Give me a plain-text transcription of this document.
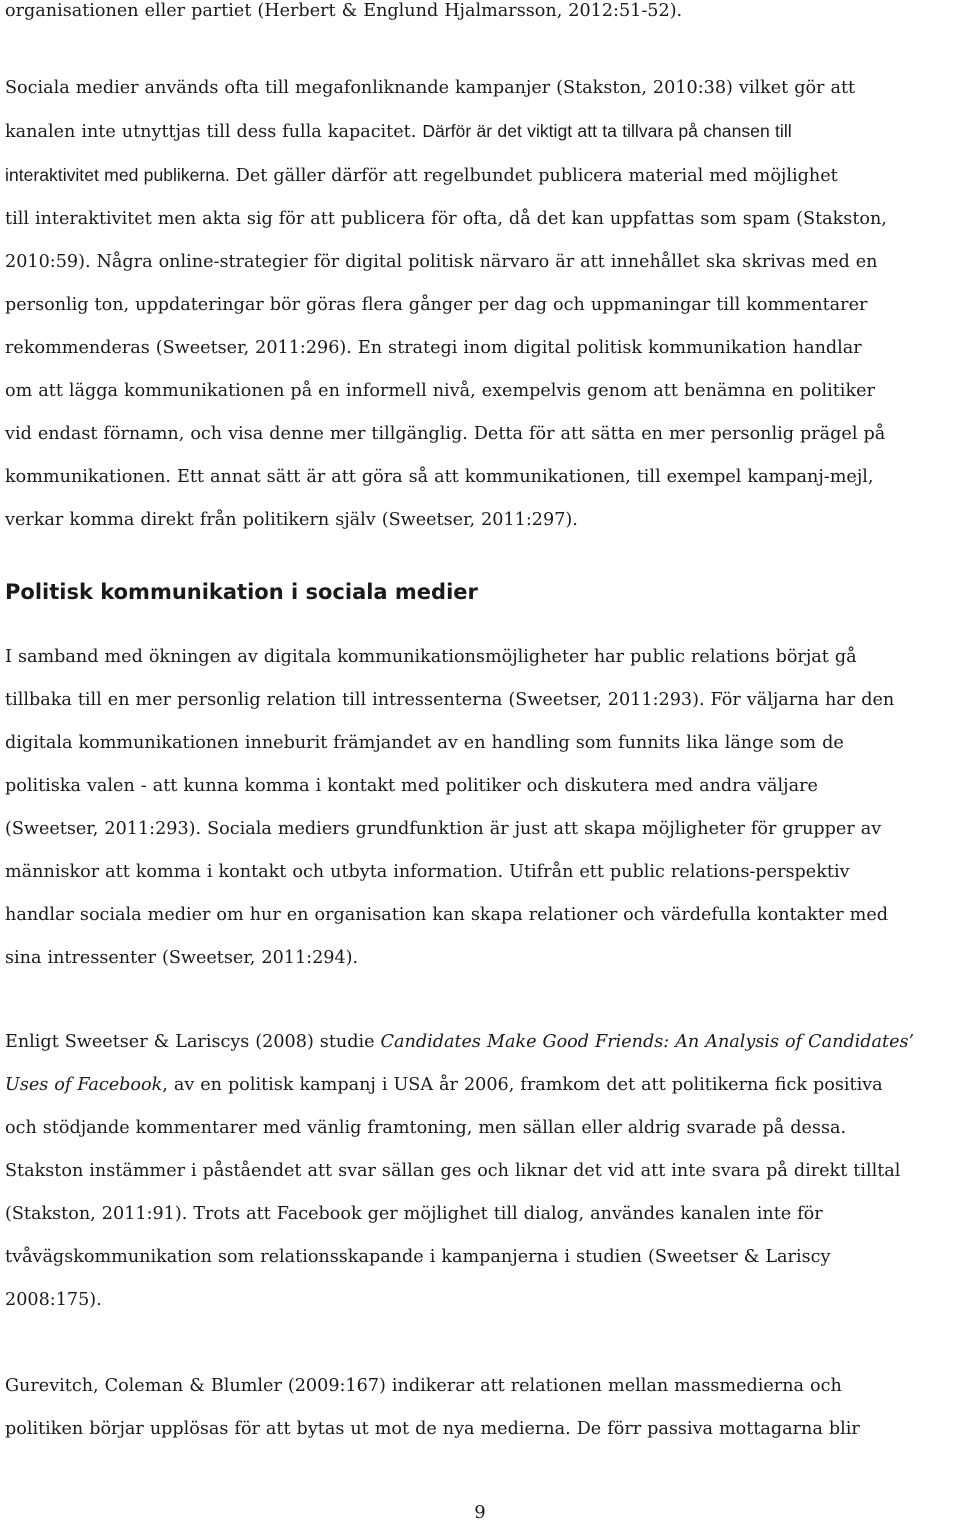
organisationen eller partiet (Herbert & Englund Hjalmarsson, 2012:51-52).

Sociala medier används ofta till megafonliknande kampanjer (Stakston, 2010:38) vilket gör att
kanalen inte utnyttjas till dess fulla kapacitet. Därför är det viktigt att ta tillvara på chansen till
interaktivitet med publikerna. Det gäller därför att regelbundet publicera material med möjlighet
till interaktivitet men akta sig för att publicera för ofta, då det kan uppfattas som spam (Stakston,
2010:59). Några online-strategier för digital politisk närvaro är att innehållet ska skrivas med en
personlig ton, uppdateringar bör göras flera gånger per dag och uppmaningar till kommentarer
rekommenderas (Sweetser, 2011:296). En strategi inom digital politisk kommunikation handlar
om att lägga kommunikationen på en informell nivå, exempelvis genom att benämna en politiker
vid endast förnamn, och visa denne mer tillgänglig. Detta för att sätta en mer personlig prägel på
kommunikationen. Ett annat sätt är att göra så att kommunikationen, till exempel kampanj-mejl,
verkar komma direkt från politikern själv (Sweetser, 2011:297).

Politisk kommunikation i sociala medier

I samband med ökningen av digitala kommunikationsmöjligheter har public relations börjat gå
tillbaka till en mer personlig relation till intressenterna (Sweetser, 2011:293). För väljarna har den
digitala kommunikationen inneburit främjandet av en handling som funnits lika länge som de
politiska valen - att kunna komma i kontakt med politiker och diskutera med andra väljare
(Sweetser, 2011:293). Sociala mediers grundfunktion är just att skapa möjligheter för grupper av
människor att komma i kontakt och utbyta information. Utifrån ett public relations-perspektiv
handlar sociala medier om hur en organisation kan skapa relationer och värdefulla kontakter med
sina intressenter (Sweetser, 2011:294).

Enligt Sweetser & Lariscys (2008) studie Candidates Make Good Friends: An Analysis of Candidates’
Uses of Facebook, av en politisk kampanj i USA år 2006, framkom det att politikerna fick positiva
och stödjande kommentarer med vänlig framtoning, men sällan eller aldrig svarade på dessa.
Stakston instämmer i påståendet att svar sällan ges och liknar det vid att inte svara på direkt tilltal
(Stakston, 2011:91). Trots att Facebook ger möjlighet till dialog, användes kanalen inte för
tvåvägskommunikation som relationsskapande i kampanjerna i studien (Sweetser & Lariscy
2008:175).

Gurevitch, Coleman & Blumler (2009:167) indikerar att relationen mellan massmedierna och
politiken börjar upplösas för att bytas ut mot de nya medierna. De förr passiva mottagarna blir

9
